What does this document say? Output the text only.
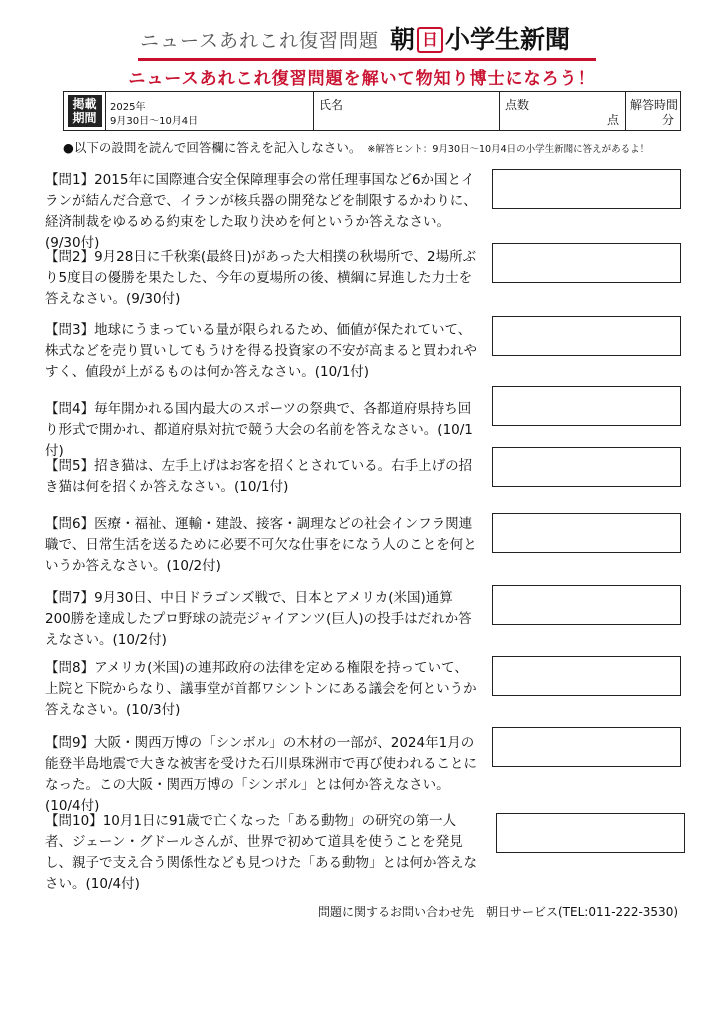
ニュースあれこれ復習問題 朝 日 小学生新聞
ニュースあれこれ復習問題を解いて物知り博士になろう！
掲載期間
2025年
9月30日〜10月4日
氏名	点数
点
解答時間
分
●以下の設問を読んで回答欄に答えを記入しなさい。 ※解答ヒント：9月30日〜10月4日の小学生新聞に答えがあるよ！
【問1】2015年に国際連合安全保障理事会の常任理事国など6か国とイランが結んだ合意で、イランが核兵器の開発などを制限するかわりに、経済制裁をゆるめる約束をした取り決めを何というか答えなさい。(9/30付)
【問2】9月28日に千秋楽(最終日)があった大相撲の秋場所で、2場所ぶり5度目の優勝を果たした、今年の夏場所の後、横綱に昇進した力士を答えなさい。(9/30付)
【問3】地球にうまっている量が限られるため、価値が保たれていて、株式などを売り買いしてもうけを得る投資家の不安が高まると買われやすく、値段が上がるものは何か答えなさい。(10/1付)
【問4】毎年開かれる国内最大のスポーツの祭典で、各都道府県持ち回り形式で開かれ、都道府県対抗で競う大会の名前を答えなさい。(10/1付)
【問5】招き猫は、左手上げはお客を招くとされている。右手上げの招き猫は何を招くか答えなさい。(10/1付)
【問6】医療・福祉、運輸・建設、接客・調理などの社会インフラ関連職で、日常生活を送るために必要不可欠な仕事をになう人のことを何というか答えなさい。(10/2付)
【問7】9月30日、中日ドラゴンズ戦で、日本とアメリカ(米国)通算200勝を達成したプロ野球の読売ジャイアンツ(巨人)の投手はだれか答えなさい。(10/2付)
【問8】アメリカ(米国)の連邦政府の法律を定める権限を持っていて、上院と下院からなり、議事堂が首都ワシントンにある議会を何というか答えなさい。(10/3付)
【問9】大阪・関西万博の「シンボル」の木材の一部が、2024年1月の能登半島地震で大きな被害を受けた石川県珠洲市で再び使われることになった。この大阪・関西万博の「シンボル」とは何か答えなさい。(10/4付)
【問10】10月1日に91歳で亡くなった「ある動物」の研究の第一人者、ジェーン・グドールさんが、世界で初めて道具を使うことを発見し、親子で支え合う関係性なども見つけた「ある動物」とは何か答えなさい。(10/4付)
問題に関するお問い合わせ先　朝日サービス(TEL:011-222-3530)
